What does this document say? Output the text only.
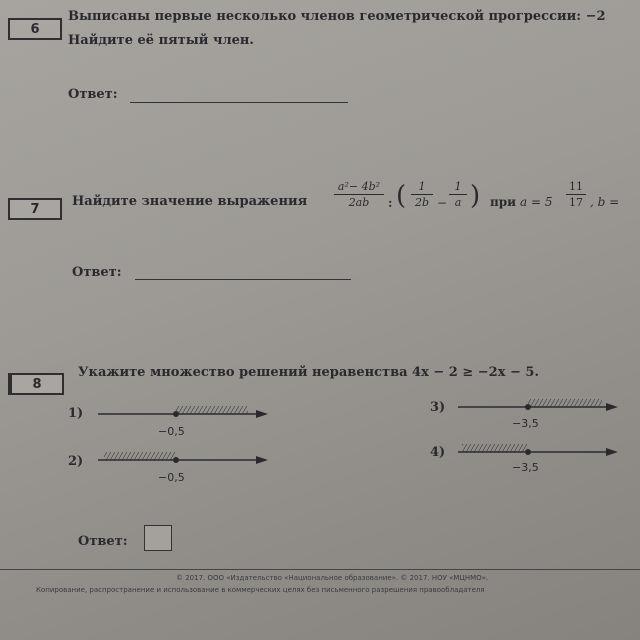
6
Выписаны первые несколько членов геометрической прогрессии: −2
Найдите её пятый член.
Ответ:
7	Найдите значение выражения
a²− 4b²
2ab	: (	1
2b −
1
a ) при a = 5
11
17 , b =
Ответ:
8
Укажите множество решений неравенства 4x − 2 ≥ −2x − 5.
1)
−0,5
2)
−0,5
3)
−3,5
4)
−3,5
Ответ:
© 2017. ООО «Издательство «Национальное образование». © 2017. НОУ «МЦНМО».
Копирование, распространение и использование в коммерческих целях без письменного разрешения правообладателя
